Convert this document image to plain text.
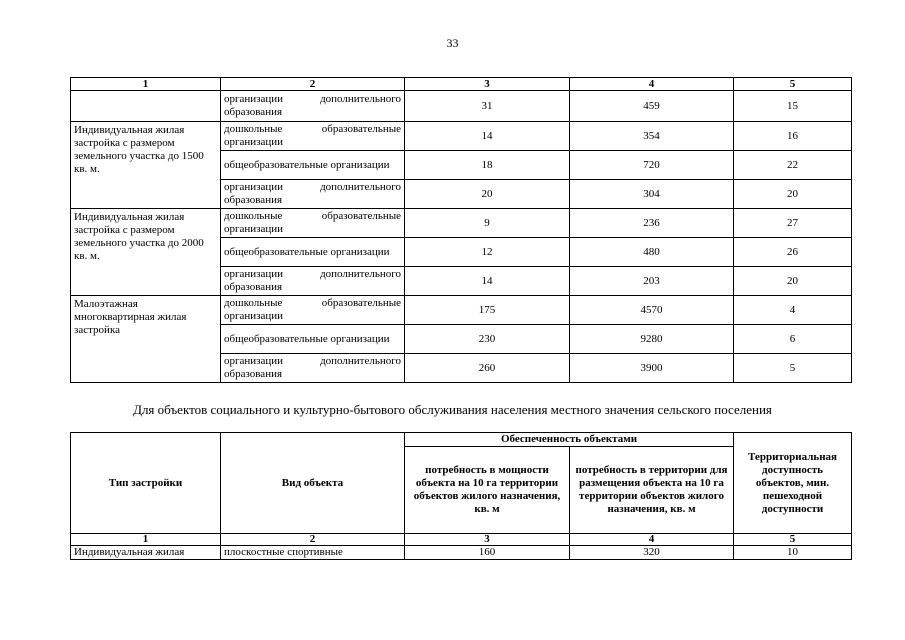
33
1	2	3	4	5
	организации дополнительного образования	31	459	15
Индивидуальная жилая застройка с размером земельного участка до 1500 кв. м.	дошкольные образовательные организации	14	354	16
	общеобразовательные организации	18	720	22
	организации дополнительного образования	20	304	20
Индивидуальная жилая застройка с размером земельного участка до 2000 кв. м.	дошкольные образовательные организации	9	236	27
	общеобразовательные организации	12	480	26
	организации дополнительного образования	14	203	20
Малоэтажная многоквартирная жилая застройка	дошкольные образовательные организации	175	4570	4
	общеобразовательные организации	230	9280	6
	организации дополнительного образования	260	3900	5
Для объектов социального и культурно-бытового обслуживания населения местного значения сельского поселения
Тип застройки	Вид объекта	Обеспеченность объектами		Территориальная доступность объектов, мин. пешеходной доступности
		потребность в мощности объекта на 10 га территории объектов жилого назначения, кв. м	потребность в территории для размещения объекта на 10 га территории объектов жилого назначения, кв. м	
1	2	3	4	5
Индивидуальная жилая	плоскостные спортивные	160	320	10
